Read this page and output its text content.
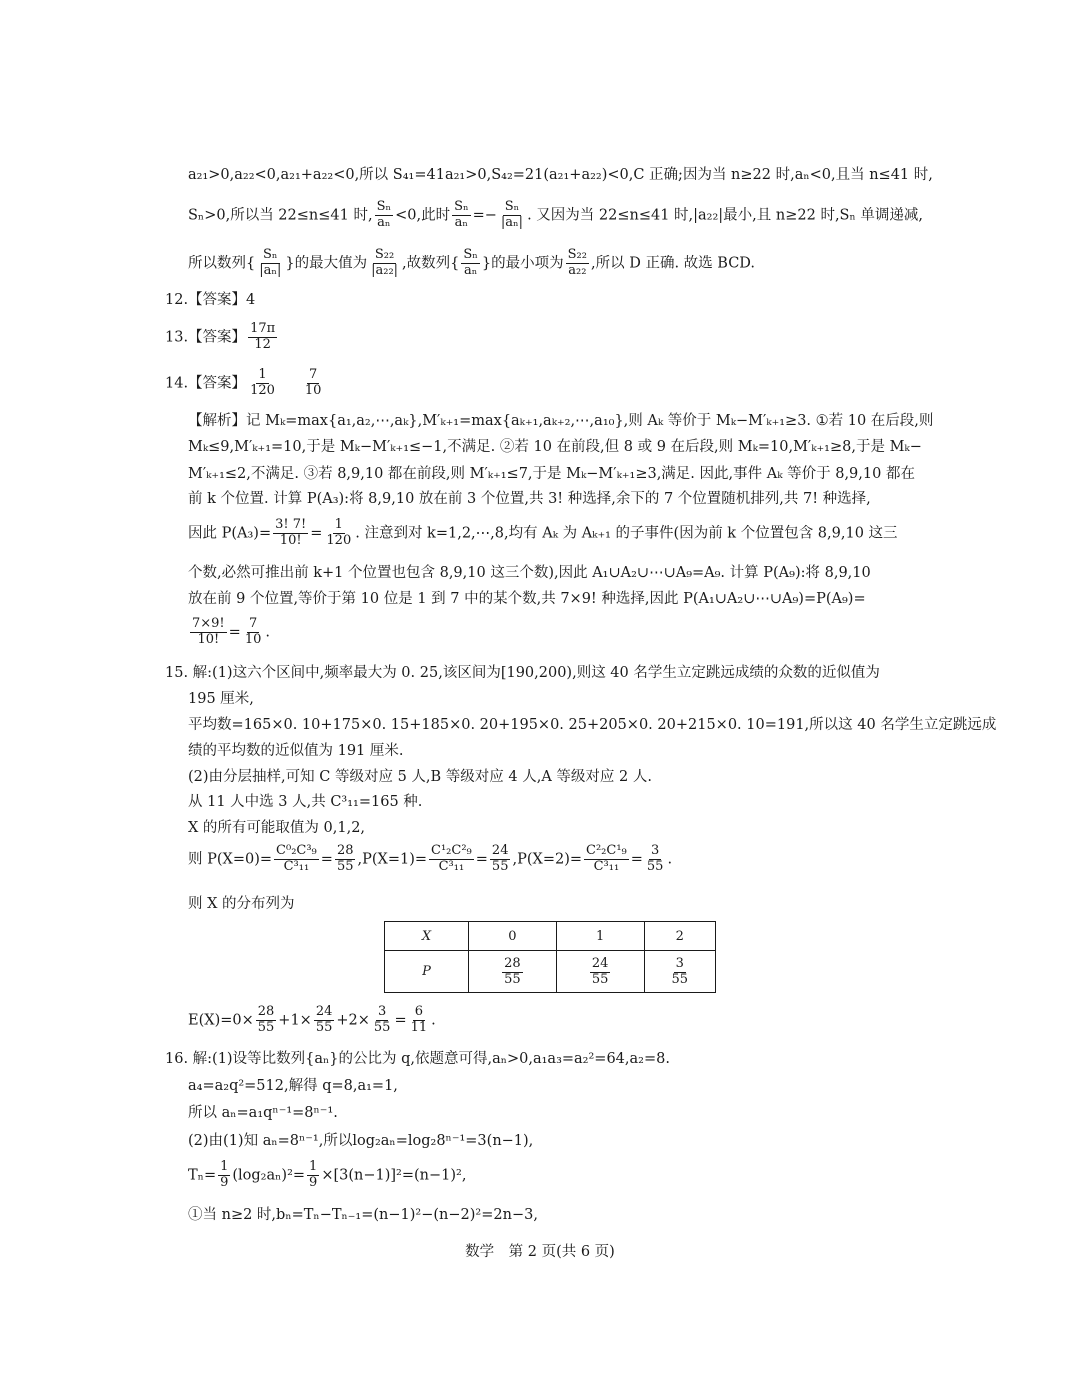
a₂₁>0,a₂₂<0,a₂₁+a₂₂<0,所以 S₄₁=41a₂₁>0,S₄₂=21(a₂₁+a₂₂)<0,C 正确;因为当 n≥22 时,aₙ<0,且当 n≤41 时,
Sₙ>0,所以当 22≤n≤41 时, $\frac{\text{Sₙ}}{\text{aₙ}} <0$,此时 $\frac{\text{Sₙ}}{\text{aₙ}} =- \frac{\text{Sₙ}}{\text{|aₙ|}}$ . 又因为当 22≤n≤41 时,|a₂₂|最小,且 n≥22 时,Sₙ 单调递减,
所以数列{ $\frac{\text{Sₙ}}{\text{|aₙ|}}$ }的最大值为 $\frac{\text{S₂₂}}{\text{|a₂₂|}}$ ,故数列{ $\frac{\text{Sₙ}}{\text{aₙ}}$ }的最小项为 $\frac{\text{S₂₂}}{\text{a₂₂}}$ ,所以 D 正确. 故选 BCD.
12.【答案】4
13.【答案】 $\frac{17\pi}{12}$
14.【答案】 $\frac{1}{120} \frac{7}{10}$
【解析】记 Mₖ=max{a₁,a₂,⋯,aₖ},M′ₖ₊₁=max{aₖ₊₁,aₖ₊₂,⋯,a₁₀},则 Aₖ 等价于 Mₖ−M′ₖ₊₁≥3. ①若 10 在后段,则
Mₖ≤9,M′ₖ₊₁=10,于是 Mₖ−M′ₖ₊₁≤−1,不满足. ②若 10 在前段,但 8 或 9 在后段,则 Mₖ=10,M′ₖ₊₁≥8,于是 Mₖ−
M′ₖ₊₁≤2,不满足. ③若 8,9,10 都在前段,则 M′ₖ₊₁≤7,于是 Mₖ−M′ₖ₊₁≥3,满足. 因此,事件 Aₖ 等价于 8,9,10 都在
前 k 个位置. 计算 P(A₃):将 8,9,10 放在前 3 个位置,共 3! 种选择,余下的 7 个位置随机排列,共 7! 种选择,
因此 $P(A_3)= \frac{3! 7!}{10!} = \frac{1}{120}$ . 注意到对 k=1,2,⋯,8,均有 Aₖ 为 Aₖ₊₁ 的子事件(因为前 k 个位置包含 8,9,10 这三
个数,必然可推出前 k+1 个位置也包含 8,9,10 这三个数),因此 A₁∪A₂∪⋯∪A₉=A₉. 计算 P(A₉):将 8,9,10
放在前 9 个位置,等价于第 10 位是 1 到 7 中的某个数,共 7×9! 种选择,因此 P(A₁∪A₂∪⋯∪A₉)=P(A₉)=
$\frac{7\times 9!}{10!} = \frac{7}{10}$ .
15. 解:(1)这六个区间中,频率最大为 0. 25,该区间为[190,200),则这 40 名学生立定跳远成绩的众数的近似值为
195 厘米,
平均数=165×0. 10+175×0. 15+185×0. 20+195×0. 25+205×0. 20+215×0. 10=191,所以这 40 名学生立定跳远成
绩的平均数的近似值为 191 厘米.
(2)由分层抽样,可知 C 等级对应 5 人,B 等级对应 4 人,A 等级对应 2 人.
从 11 人中选 3 人,共 C³₁₁=165 种.
X 的所有可能取值为 0,1,2,
则 $P(X=0)= \frac{\text{C⁰₂C³₉}}{\text{C³₁₁}} = \frac{28}{55} ,P(X=1)= \frac{\text{C¹₂C²₉}}{\text{C³₁₁}} = \frac{24}{55} ,P(X=2)= \frac{\text{C²₂C¹₉}}{\text{C³₁₁}} = \frac{3}{55}$ .
则 X 的分布列为
X	0	1	2
P	$\frac{28}{55}$	$\frac{24}{55}$	$\frac{3}{55}$
$E(X)=0\times \frac{28}{55} +1\times \frac{24}{55} +2\times \frac{3}{55} = \frac{6}{11}$ .
16. 解:(1)设等比数列{aₙ}的公比为 q,依题意可得,aₙ>0,a₁a₃=a₂²=64,a₂=8.
a₄=a₂q²=512,解得 q=8,a₁=1,
所以 aₙ=a₁qⁿ⁻¹=8ⁿ⁻¹.
(2)由(1)知 aₙ=8ⁿ⁻¹,所以log₂aₙ=log₂8ⁿ⁻¹=3(n−1),
$T_n= \frac{1}{9} (\log_2a_n)^2= \frac{1}{9} \times[3(n-1)]^2=(n-1)^2$,
①当 n≥2 时,bₙ=Tₙ−Tₙ₋₁=(n−1)²−(n−2)²=2n−3,
数学　第 2 页(共 6 页)
